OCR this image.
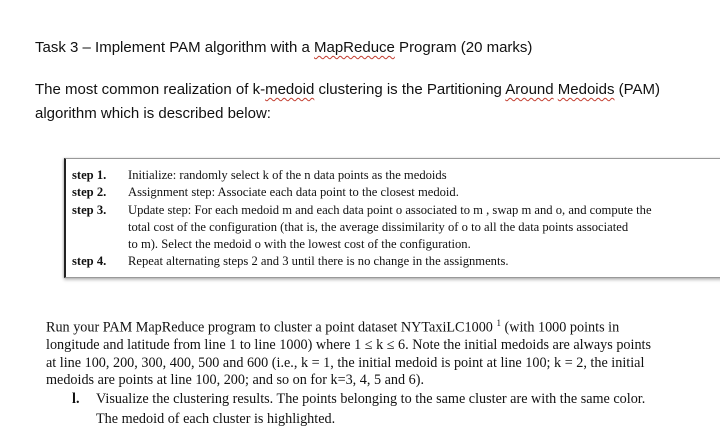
Task 3 – Implement PAM algorithm with a MapReduce Program (20 marks)
The most common realization of k-medoid clustering is the Partitioning Around Medoids (PAM)
algorithm which is described below:
step 1. Initialize: randomly select k of the n data points as the medoids
step 2. Assignment step: Associate each data point to the closest medoid.
step 3. Update step: For each medoid m and each data point o associated to m , swap m and o, and compute the
total cost of the configuration (that is, the average dissimilarity of o to all the data points associated
to m). Select the medoid o with the lowest cost of the configuration.
step 4. Repeat alternating steps 2 and 3 until there is no change in the assignments.
Run your PAM MapReduce program to cluster a point dataset NYTaxiLC1000 $^1$ (with 1000 points in
longitude and latitude from line 1 to line 1000) where 1 ≤ k ≤ 6. Note the initial medoids are always points
at line 100, 200, 300, 400, 500 and 600 (i.e., k = 1, the initial medoid is point at line 100; k = 2, the initial
medoids are points at line 100, 200; and so on for k=3, 4, 5 and 6).
l. Visualize the clustering results. The points belonging to the same cluster are with the same color.
The medoid of each cluster is highlighted.
